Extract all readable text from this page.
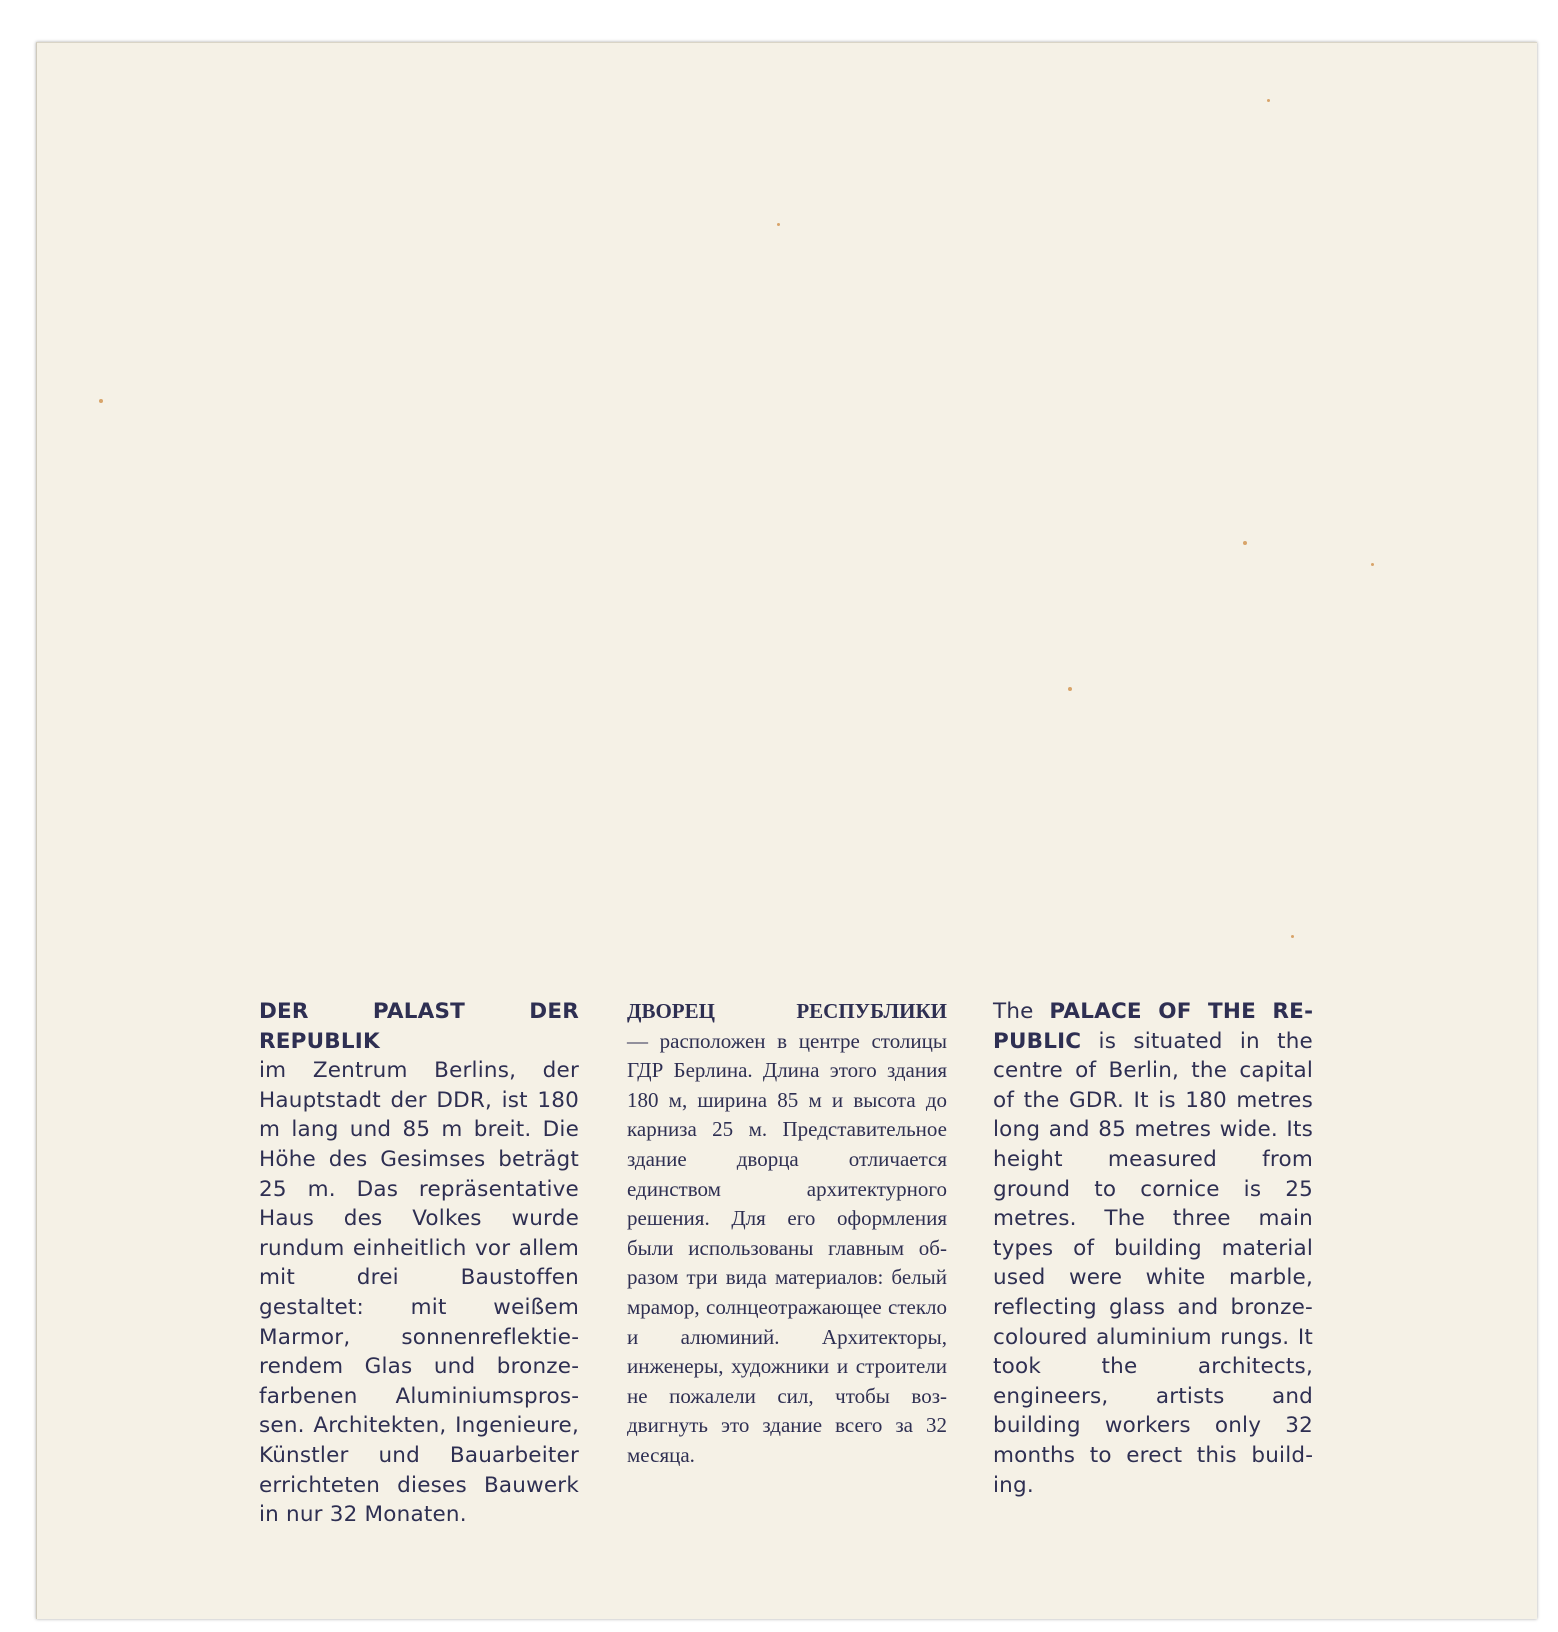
DER PALAST DER REPUBLIK
im Zentrum Berlins, der Hauptstadt der DDR, ist 180 m lang und 85 m breit. Die Höhe des Gesimses beträgt 25 m. Das repräsentative Haus des Volkes wurde rundum einheitlich vor allem mit drei Baustoffen gestaltet: mit weißem Marmor, sonnenreflektierendem Glas und bronzefarbenen Aluminiumsprossen. Architekten, Ingenieure, Künstler und Bauarbeiter errichteten dieses Bauwerk in nur 32 Monaten.
ДВОРЕЦ РЕСПУБЛИКИ
— расположен в центре столицы ГДР Берлина. Длина этого здания 180 м, ширина 85 м и высота до карниза 25 м. Представительное здание дворца отличается единством архитектурного решения. Для его оформления были использованы главным образом три вида материалов: белый мрамор, солнцеотражающее стекло и алюминий. Архитекторы, инженеры, художники и строители не пожалели сил, чтобы воздвигнуть это здание всего за 32 месяца.
The PALACE OF THE REPUBLIC is situated in the centre of Berlin, the capital of the GDR. It is 180 metres long and 85 metres wide. Its height measured from ground to cornice is 25 metres. The three main types of building material used were white marble, reflecting glass and bronze-coloured aluminium rungs. It took the architects, engineers, artists and building workers only 32 months to erect this building.
